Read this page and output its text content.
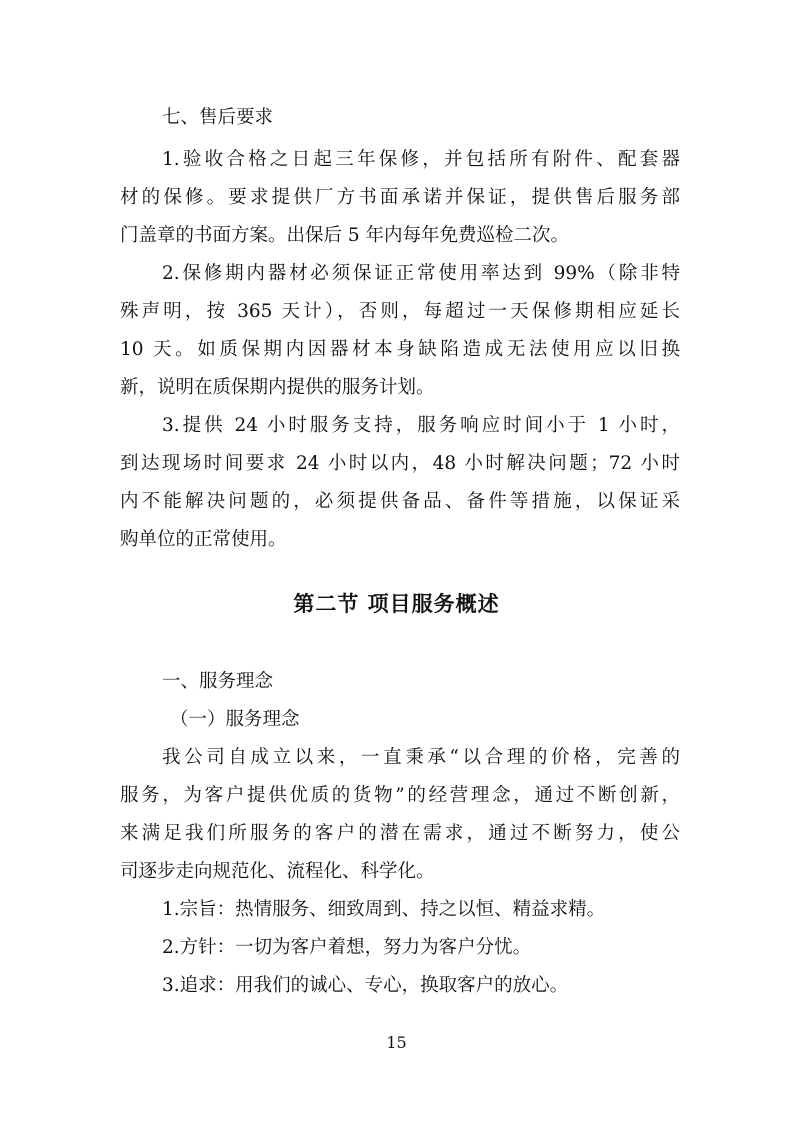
七、售后要求
1.验收合格之日起三年保修，并包括所有附件、配套器
材的保修。要求提供厂方书面承诺并保证，提供售后服务部
门盖章的书面方案。出保后 5 年内每年免费巡检二次。
2.保修期内器材必须保证正常使用率达到 99%（除非特
殊声明，按 365 天计），否则，每超过一天保修期相应延长
10 天。如质保期内因器材本身缺陷造成无法使用应以旧换
新，说明在质保期内提供的服务计划。
3.提供 24 小时服务支持，服务响应时间小于 1 小时，
到达现场时间要求 24 小时以内，48 小时解决问题；72 小时
内不能解决问题的，必须提供备品、备件等措施，以保证采
购单位的正常使用。
第二节 项目服务概述
一、服务理念
（一）服务理念
我公司自成立以来，一直秉承“以合理的价格，完善的
服务，为客户提供优质的货物”的经营理念，通过不断创新，
来满足我们所服务的客户的潜在需求，通过不断努力，使公
司逐步走向规范化、流程化、科学化。
1.宗旨：热情服务、细致周到、持之以恒、精益求精。
2.方针：一切为客户着想，努力为客户分忧。
3.追求：用我们的诚心、专心，换取客户的放心。
15
